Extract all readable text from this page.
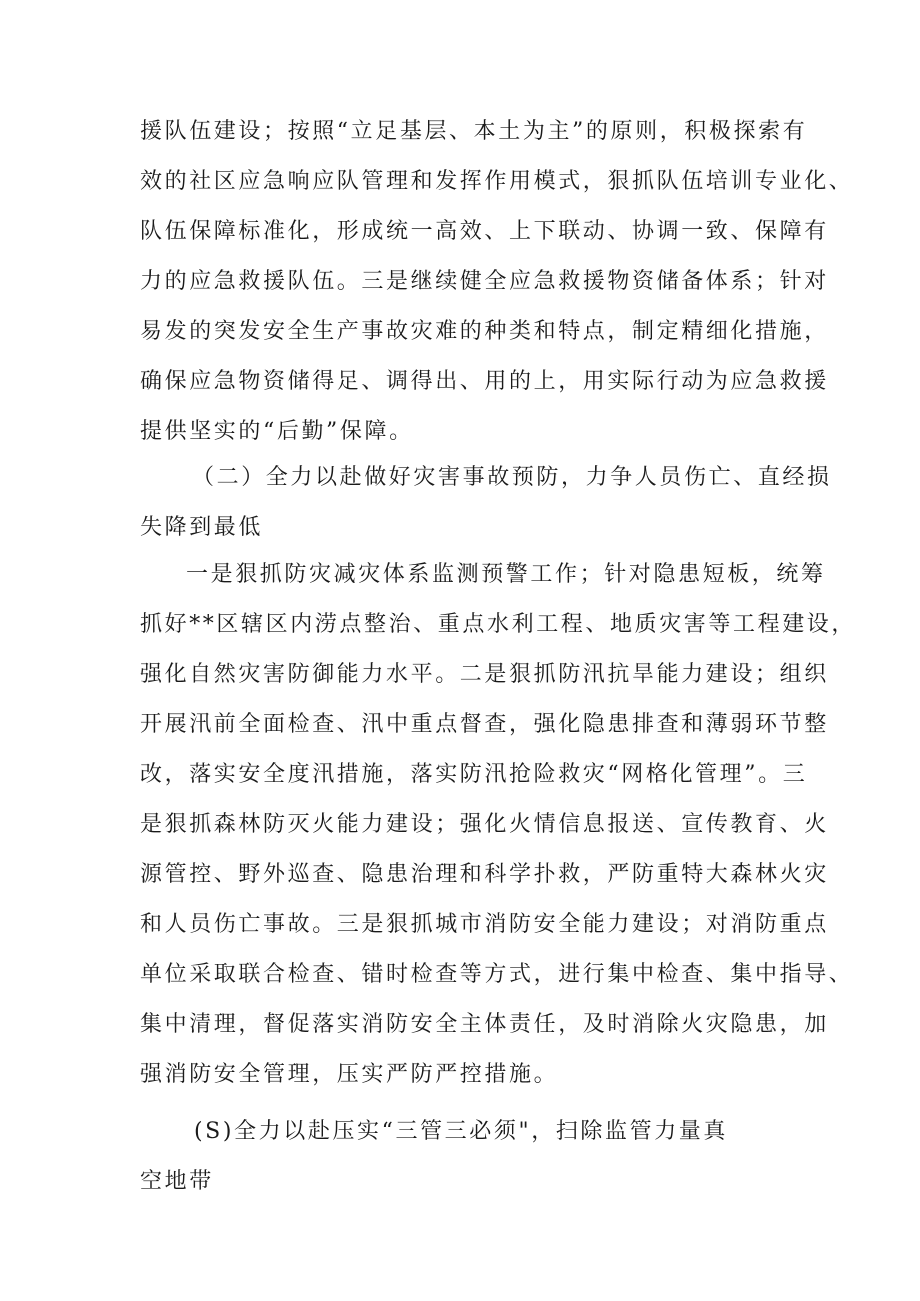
援队伍建设；按照“立足基层、本土为主”的原则，积极探索有

效的社区应急响应队管理和发挥作用模式，狠抓队伍培训专业化、

队伍保障标准化，形成统一高效、上下联动、协调一致、保障有

力的应急救援队伍。三是继续健全应急救援物资储备体系；针对

易发的突发安全生产事故灾难的种类和特点，制定精细化措施，

确保应急物资储得足、调得出、用的上，用实际行动为应急救援

提供坚实的“后勤”保障。

（二）全力以赴做好灾害事故预防，力争人员伤亡、直经损

失降到最低

一是狠抓防灾减灾体系监测预警工作；针对隐患短板，统筹

抓好**区辖区内涝点整治、重点水利工程、地质灾害等工程建设，

强化自然灾害防御能力水平。二是狠抓防汛抗旱能力建设；组织

开展汛前全面检查、汛中重点督查，强化隐患排查和薄弱环节整

改，落实安全度汛措施，落实防汛抢险救灾“网格化管理”。三

是狠抓森林防灭火能力建设；强化火情信息报送、宣传教育、火

源管控、野外巡查、隐患治理和科学扑救，严防重特大森林火灾

和人员伤亡事故。三是狠抓城市消防安全能力建设；对消防重点

单位采取联合检查、错时检查等方式，进行集中检查、集中指导、

集中清理，督促落实消防安全主体责任，及时消除火灾隐患，加

强消防安全管理，压实严防严控措施。

(S)全力以赴压实“三管三必须"，扫除监管力量真

空地带
